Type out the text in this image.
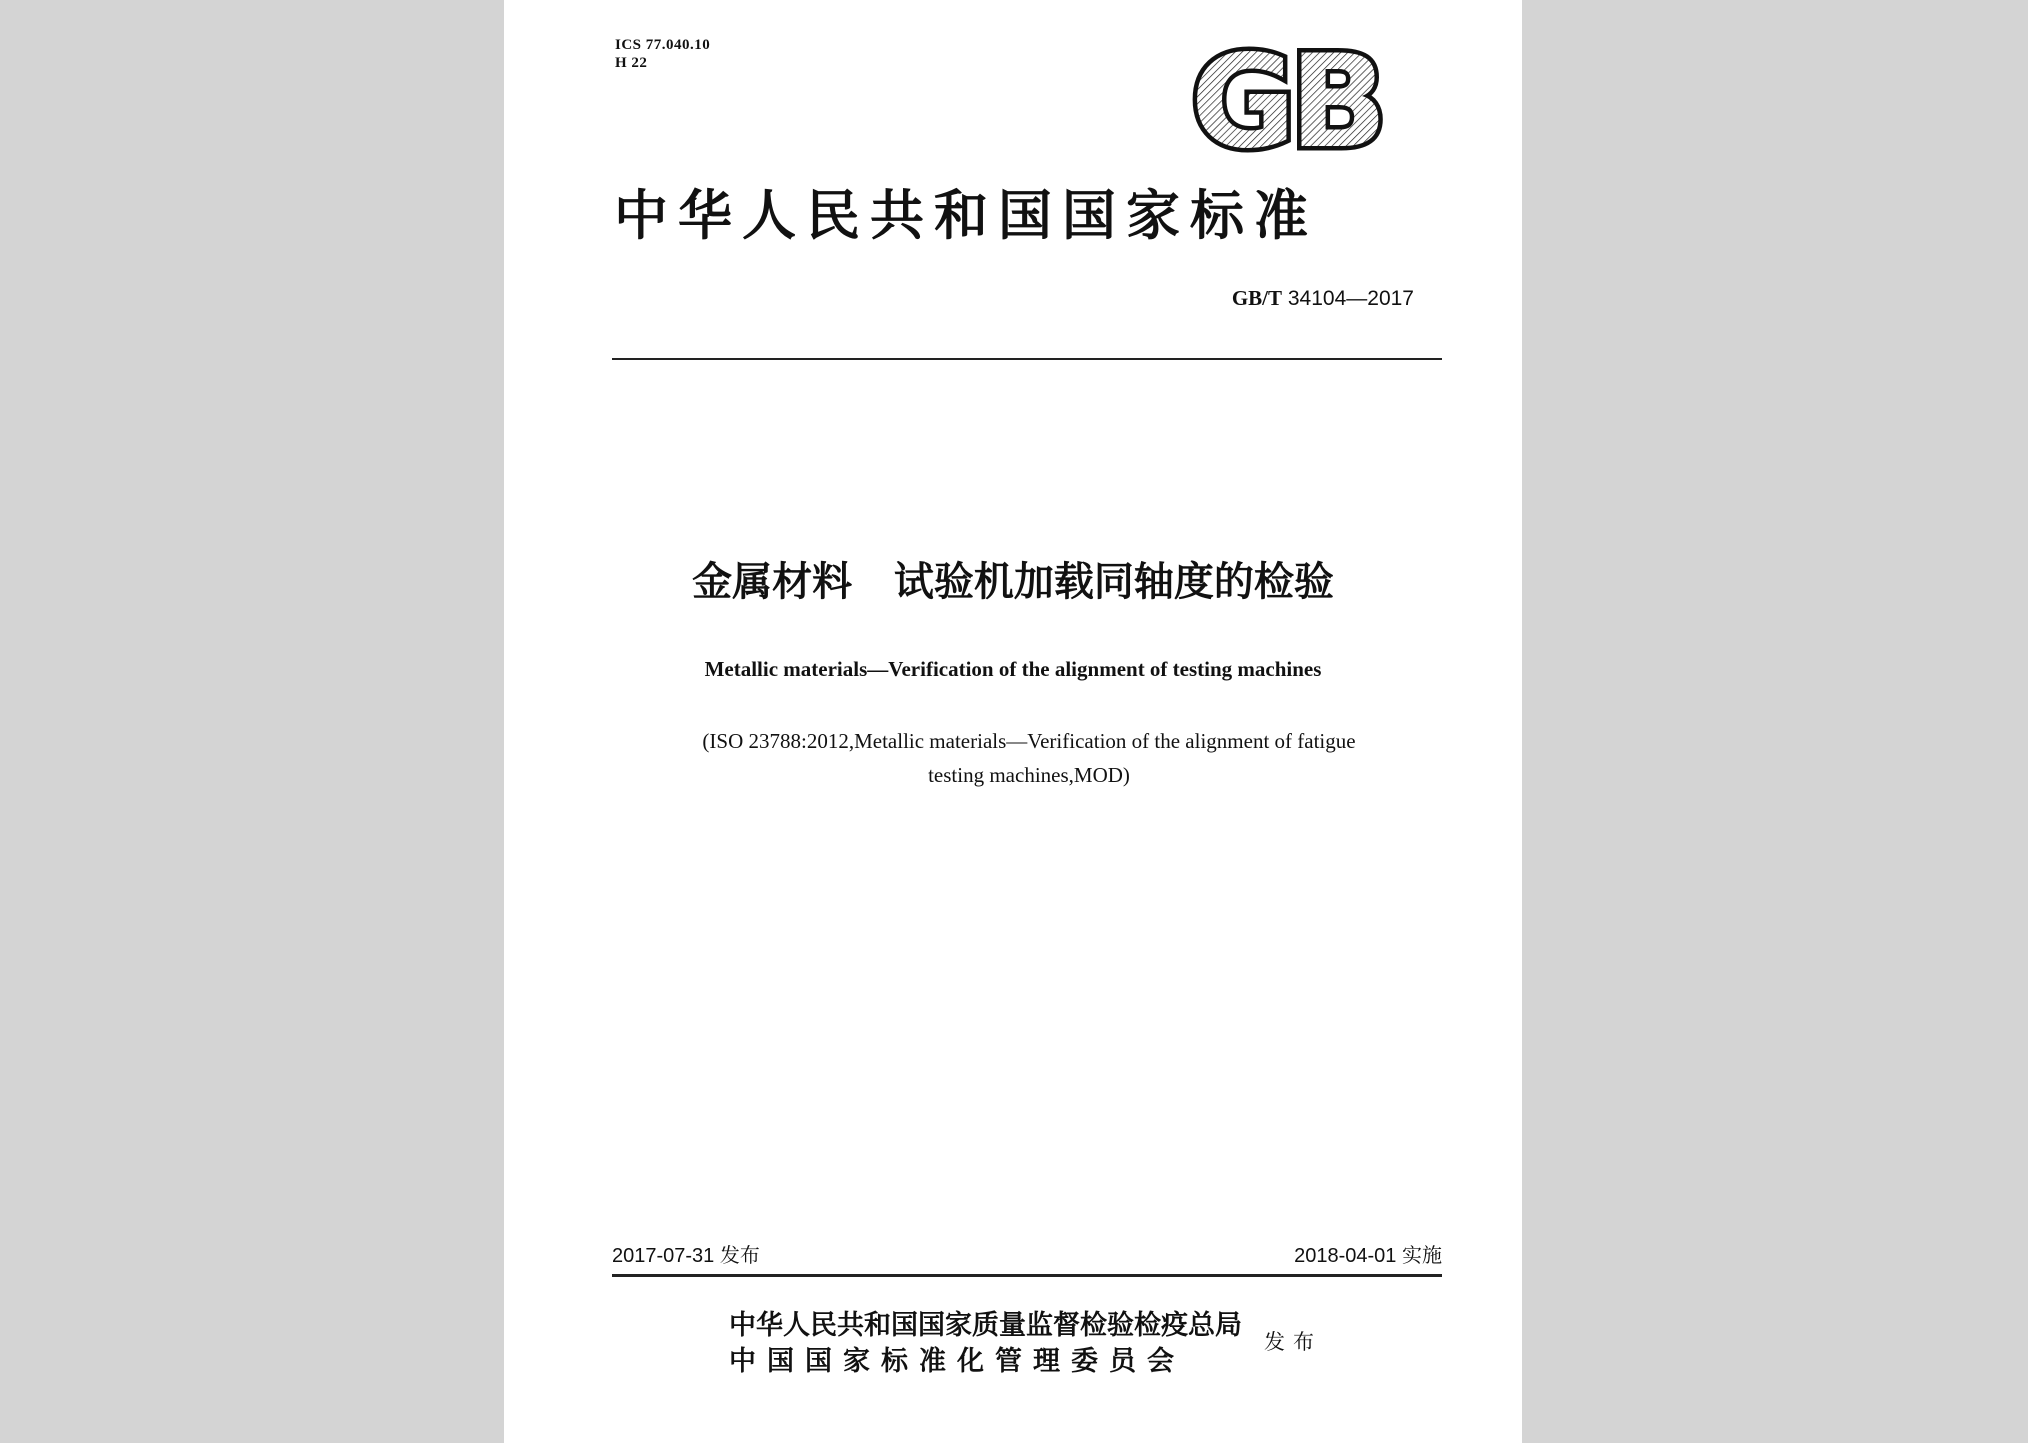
ICS 77.040.10
H 22	GB
中华人民共和国国家标准
GB/T 34104—2017
金属材料   试验机加载同轴度的检验
Metallic materials—Verification of the alignment of testing machines
(ISO 23788:2012,Metallic materials—Verification of the alignment of fatigue
testing machines,MOD)
2017-07-31 发布	2018-04-01 实施
中华人民共和国国家质量监督检验检疫总局
中国国家标准化管理委员会
发布
